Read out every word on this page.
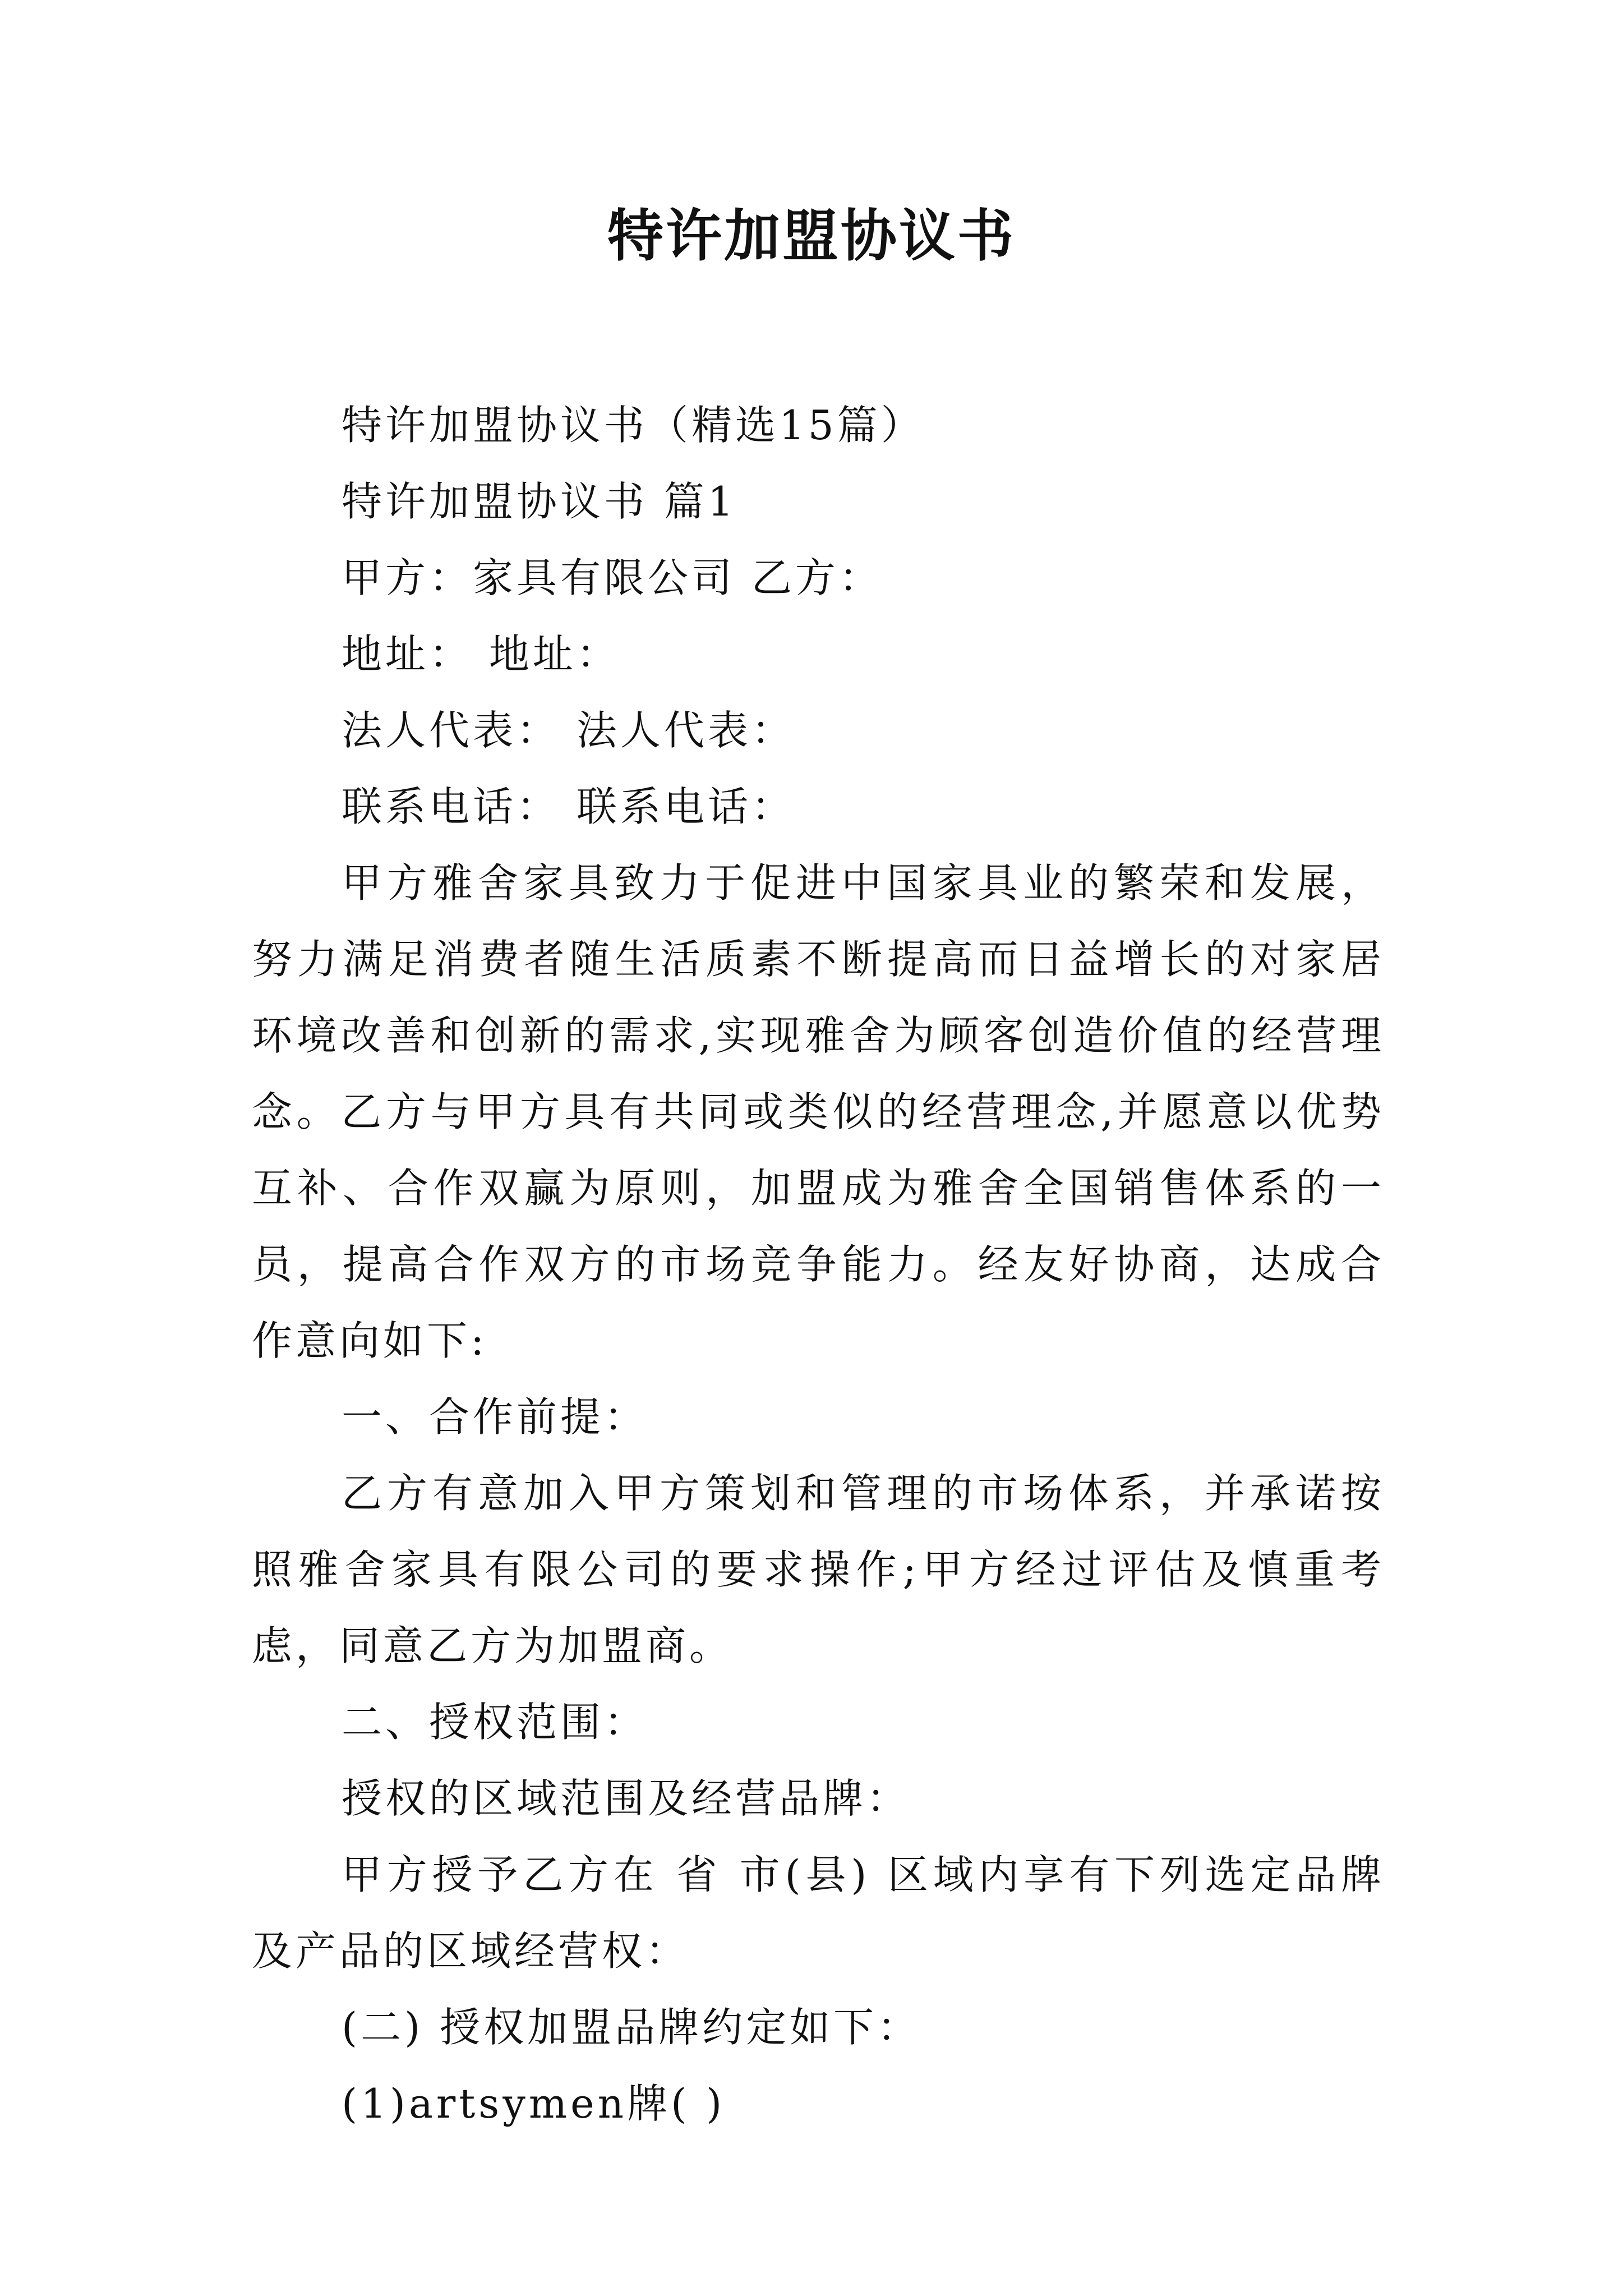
特许加盟协议书

特许加盟协议书（精选15篇）

特许加盟协议书 篇1

甲方：家具有限公司 乙方：

地址： 地址：

法人代表： 法人代表：

联系电话： 联系电话：

甲方雅舍家具致力于促进中国家具业的繁荣和发展，努力满足消费者随生活质素不断提高而日益增长的对家居环境改善和创新的需求,实现雅舍为顾客创造价值的经营理念。乙方与甲方具有共同或类似的经营理念,并愿意以优势互补、合作双赢为原则，加盟成为雅舍全国销售体系的一员，提高合作双方的市场竞争能力。经友好协商，达成合作意向如下:

一、合作前提：

乙方有意加入甲方策划和管理的市场体系，并承诺按照雅舍家具有限公司的要求操作;甲方经过评估及慎重考虑，同意乙方为加盟商。

二、授权范围：

授权的区域范围及经营品牌：

甲方授予乙方在 省 市(县) 区域内享有下列选定品牌及产品的区域经营权：

(二) 授权加盟品牌约定如下：

(1)artsymen牌( )
